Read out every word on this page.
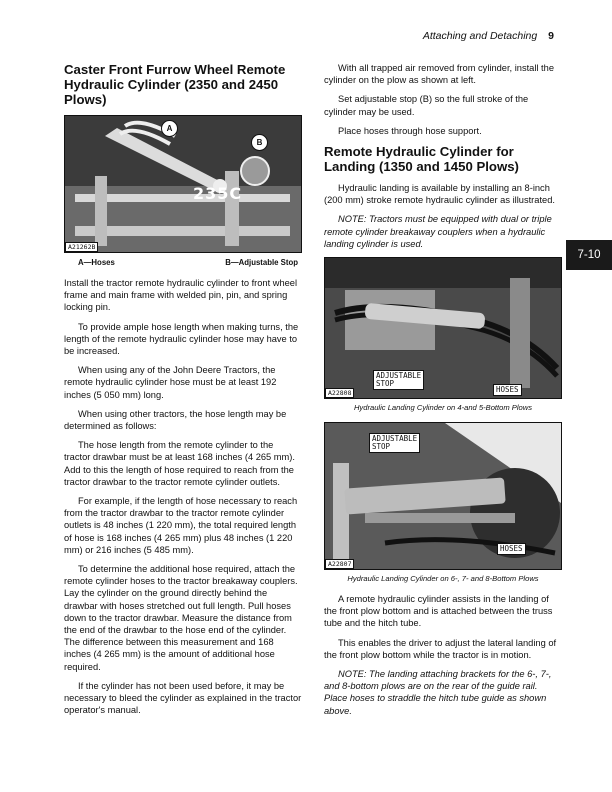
Attaching and Detaching 9
7-10
Caster Front Furrow Wheel Remote Hydraulic Cylinder (2350 and 2450 Plows)
235C
A
B
A21262B
A—Hoses	B—Adjustable Stop

Install the tractor remote hydraulic cylinder to front wheel frame and main frame with welded pin, pin, and spring locking pin.

To provide ample hose length when making turns, the length of the remote hydraulic cylinder hose may have to be increased.

When using any of the John Deere Tractors, the remote hydraulic cylinder hose must be at least 192 inches (5 050 mm) long.

When using other tractors, the hose length may be determined as follows:

The hose length from the remote cylinder to the tractor drawbar must be at least 168 inches (4 265 mm). Add to this the length of hose required to reach from the tractor drawbar to the tractor remote cylinder outlets.

For example, if the length of hose necessary to reach from the tractor drawbar to the tractor remote cylinder outlets is 48 inches (1 220 mm), the total required length of hose is 168 inches (4 265 mm) plus 48 inches (1 220 mm) or 216 inches (5 485 mm).

To determine the additional hose required, attach the remote cylinder hoses to the tractor breakaway couplers. Lay the cylinder on the ground directly behind the drawbar with hoses stretched out full length. Pull hoses down to the tractor drawbar. Measure the distance from the end of the drawbar to the hose end of the cylinder. The difference between this measurement and 168 inches (4 265 mm) is the amount of additional hose required.

If the cylinder has not been used before, it may be necessary to bleed the cylinder as explained in the tractor operator's manual.

With all trapped air removed from cylinder, install the cylinder on the plow as shown at left.

Set adjustable stop (B) so the full stroke of the cylinder may be used.

Place hoses through hose support.

Remote Hydraulic Cylinder for Landing (1350 and 1450 Plows)

Hydraulic landing is available by installing an 8-inch (200 mm) stroke remote hydraulic cylinder as illustrated.

NOTE: Tractors must be equipped with dual or triple remote cylinder breakaway couplers when a hydraulic landing cylinder is used.

ADJUSTABLE
STOP
HOSES
A22808
Hydraulic Landing Cylinder on 4-and 5-Bottom Plows
ADJUSTABLE
STOP
HOSES
A22807
Hydraulic Landing Cylinder on 6-, 7- and 8-Bottom Plows

A remote hydraulic cylinder assists in the landing of the front plow bottom and is attached between the truss tube and the hitch tube.

This enables the driver to adjust the lateral landing of the front plow bottom while the tractor is in motion.

NOTE: The landing attaching brackets for the 6-, 7-, and 8-bottom plows are on the rear of the guide rail. Place hoses to straddle the hitch tube guide as shown above.
